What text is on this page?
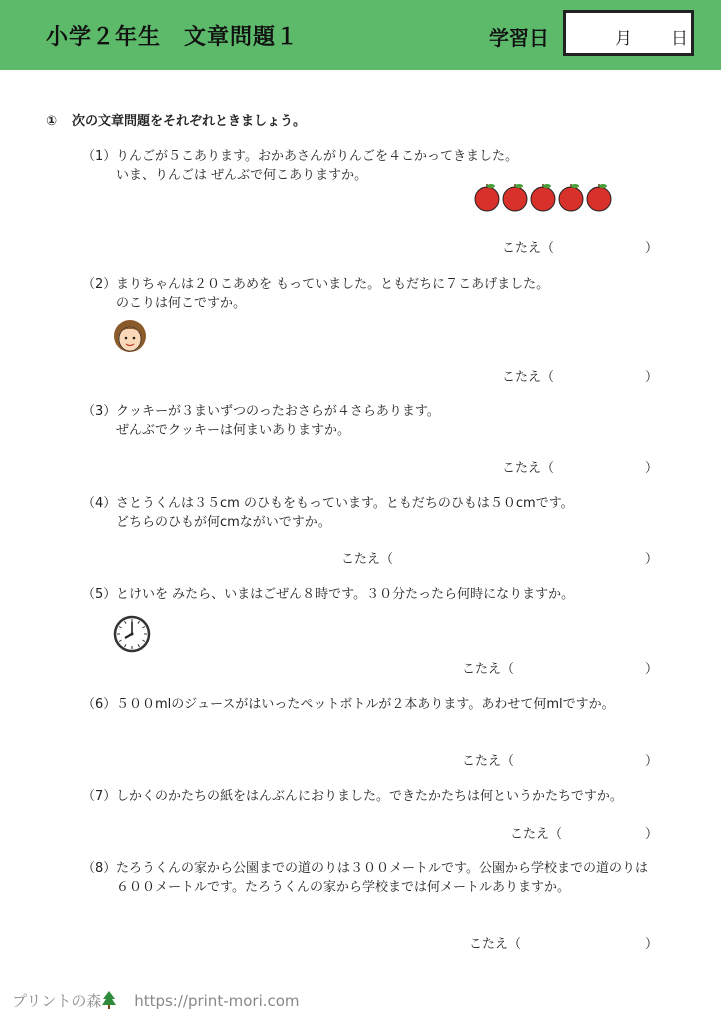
小学２年生　文章問題１	学習日	月 日
① 次の文章問題をそれぞれときましょう。
（1）りんごが５こあります。おかあさんがりんごを４こかってきました。
いま、りんごは ぜんぶで何こありますか。
こたえ（	）
（2）まりちゃんは２０こあめを もっていました。ともだちに７こあげました。
のこりは何こですか。
こたえ（	）
（3）クッキーが３まいずつのったおさらが４さらあります。
ぜんぶでクッキーは何まいありますか。
こたえ（	）
（4）さとうくんは３５cm のひもをもっています。ともだちのひもは５０cmです。
どちらのひもが何cmながいですか。
こたえ（	）
（5）とけいを みたら、いまはごぜん８時です。３０分たったら何時になりますか。
こたえ（	）
（6）５００mlのジュースがはいったペットボトルが２本あります。あわせて何mlですか。
こたえ（	）
（7）しかくのかたちの紙をはんぶんにおりました。できたかたちは何というかたちですか。
こたえ（	）
（8）たろうくんの家から公園までの道のりは３００メートルです。公園から学校までの道のりは
６００メートルです。たろうくんの家から学校までは何メートルありますか。
こたえ（	）
プリントの森 https://print-mori.com
